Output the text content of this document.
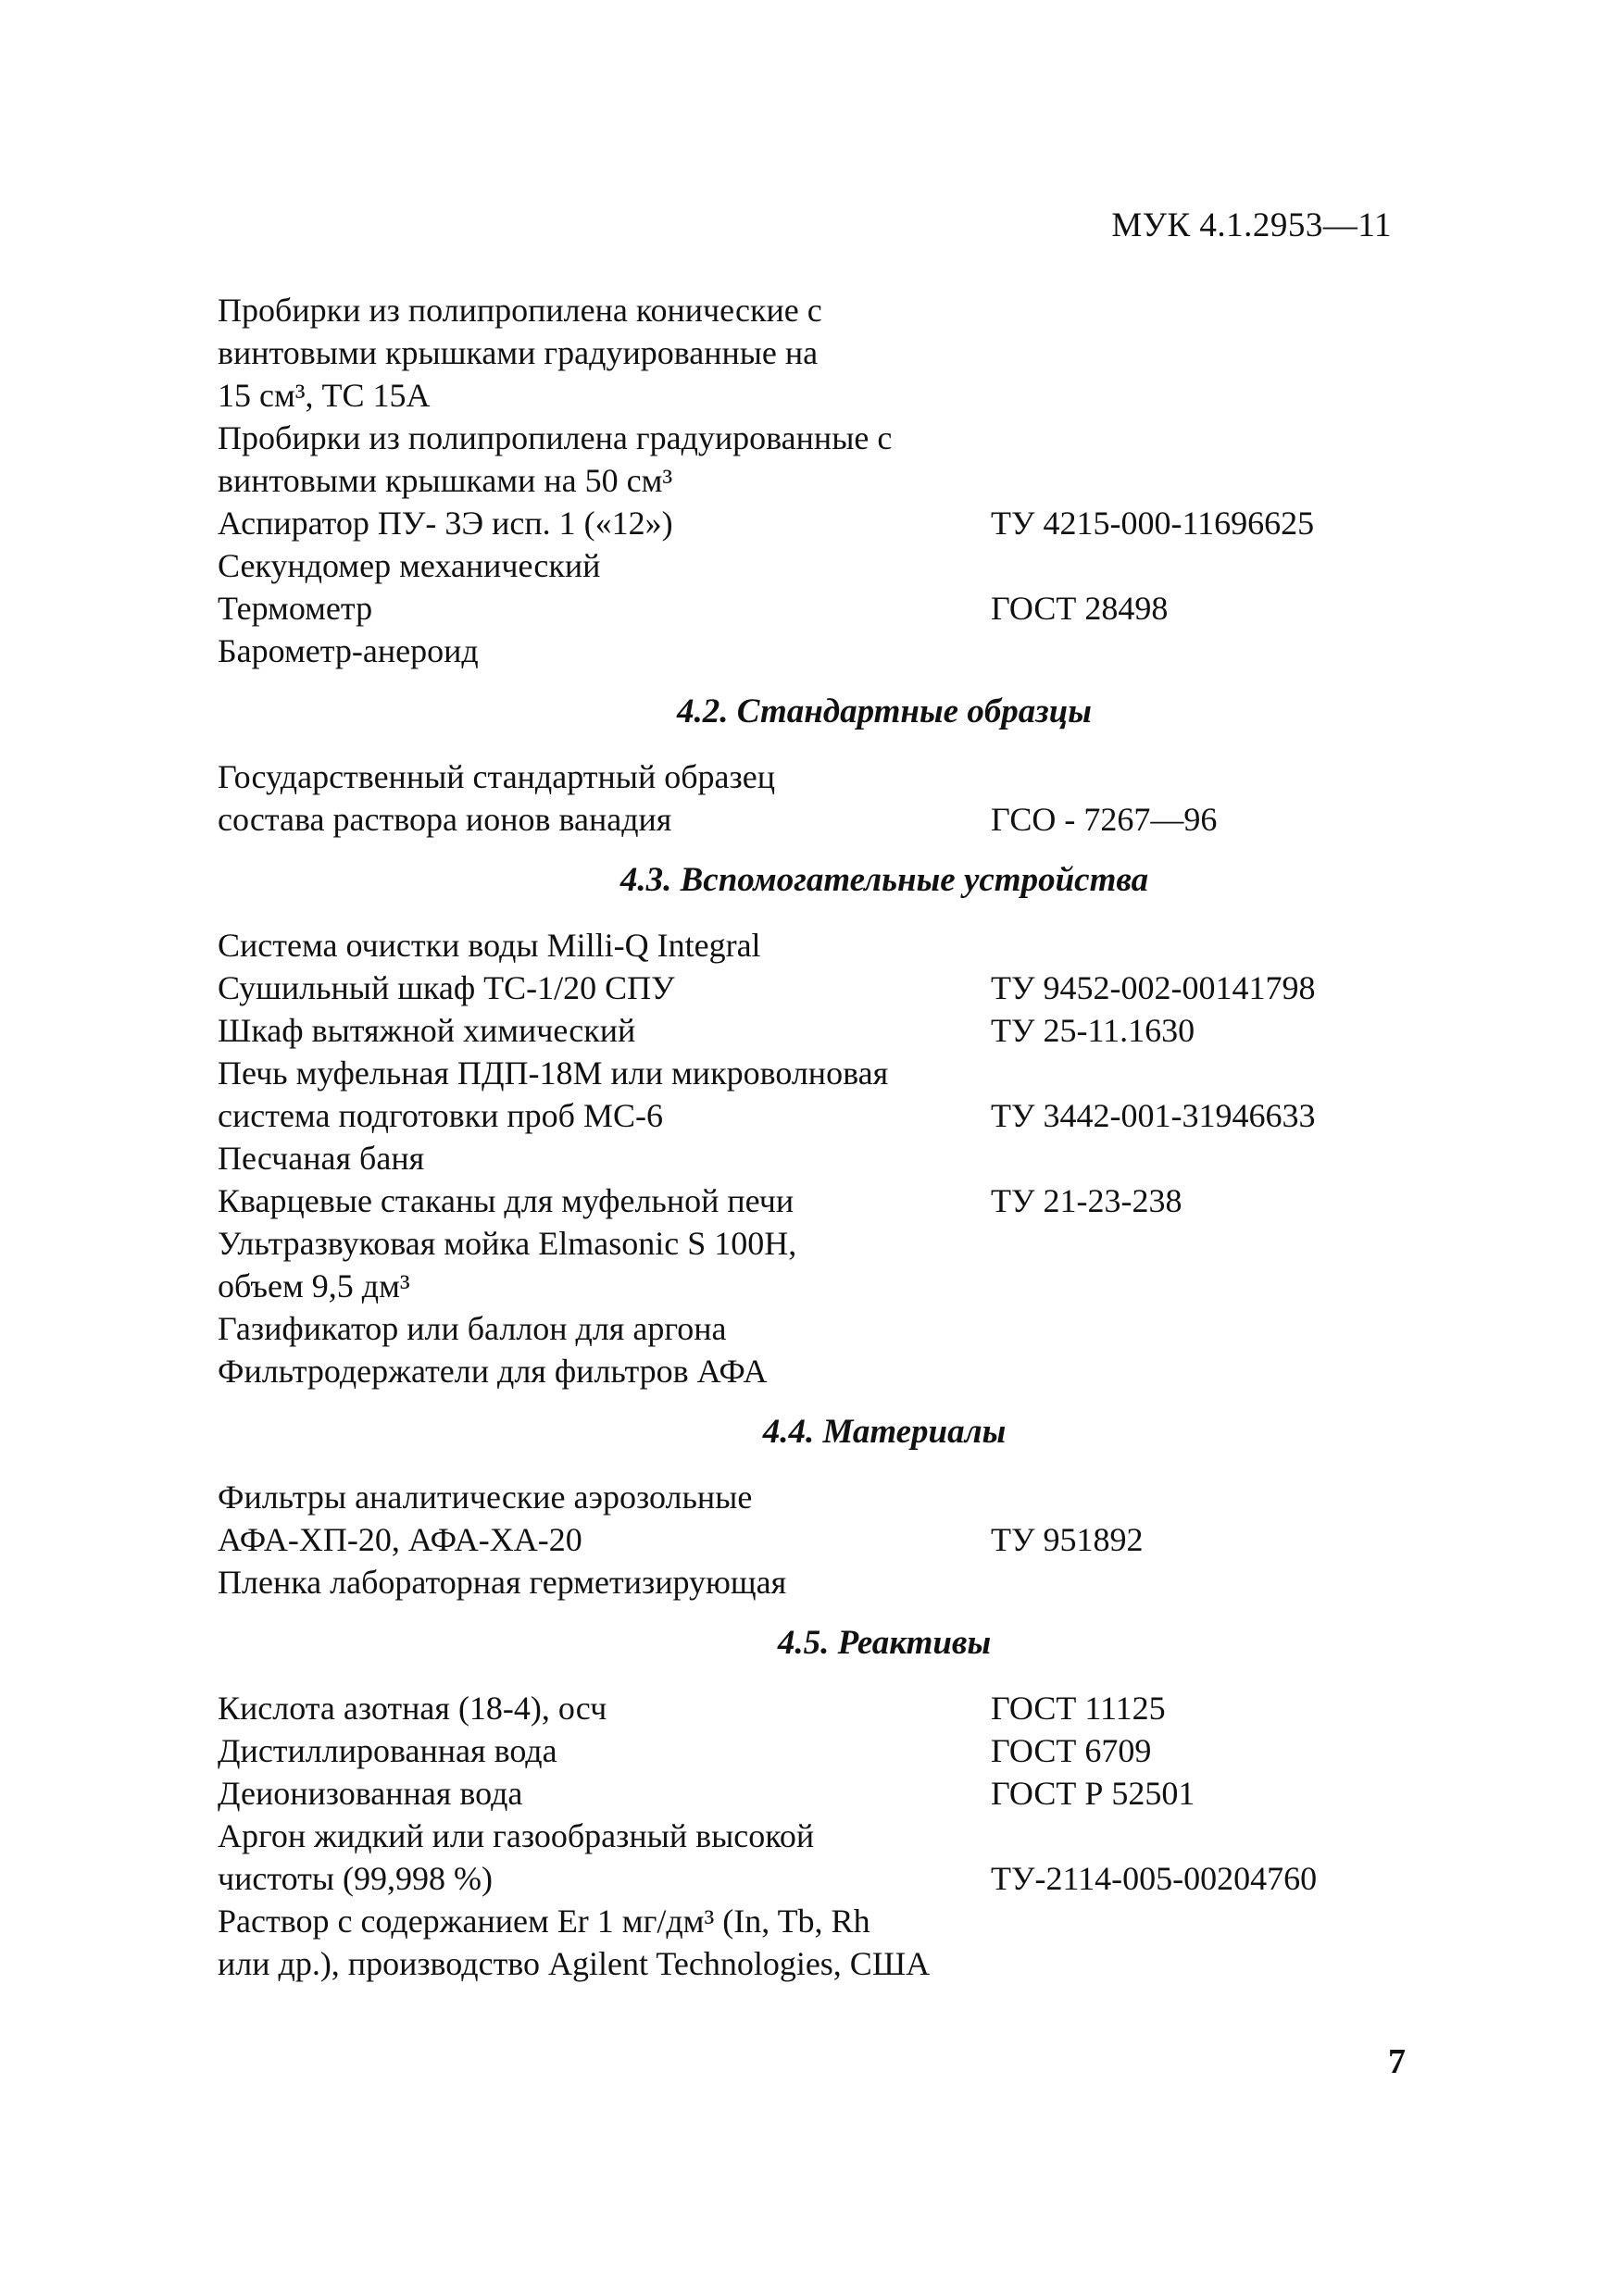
МУК 4.1.2953—11
Пробирки из полипропилена конические с
винтовыми крышками градуированные на
15 см³, ТС 15А
Пробирки из полипропилена градуированные с
винтовыми крышками на 50 см³
Аспиратор ПУ- 3Э исп. 1 («12»)	ТУ 4215-000-11696625
Секундомер механический
Термометр	ГОСТ 28498
Барометр-анероид
4.2. Стандартные образцы
Государственный стандартный образец
состава раствора ионов ванадия	ГСО - 7267—96
4.3. Вспомогательные устройства
Система очистки воды Milli-Q Integral
Сушильный шкаф ТС-1/20 СПУ	ТУ 9452-002-00141798
Шкаф вытяжной химический	ТУ 25-11.1630
Печь муфельная ПДП-18М или микроволновая
система подготовки проб МС-6	ТУ 3442-001-31946633
Песчаная баня
Кварцевые стаканы для муфельной печи	ТУ 21-23-238
Ультразвуковая мойка Elmasonic S 100H,
объем 9,5 дм³
Газификатор или баллон для аргона
Фильтродержатели для фильтров АФА
4.4. Материалы
Фильтры аналитические аэрозольные
АФА-ХП-20, АФА-ХА-20	ТУ 951892
Пленка лабораторная герметизирующая
4.5. Реактивы
Кислота азотная (18-4), осч	ГОСТ 11125
Дистиллированная вода	ГОСТ 6709
Деионизованная вода	ГОСТ Р 52501
Аргон жидкий или газообразный высокой
чистоты (99,998 %)	ТУ-2114-005-00204760
Раствор с содержанием Er 1 мг/дм³ (In, Tb, Rh
или др.), производство Agilent Technologies, США
7
